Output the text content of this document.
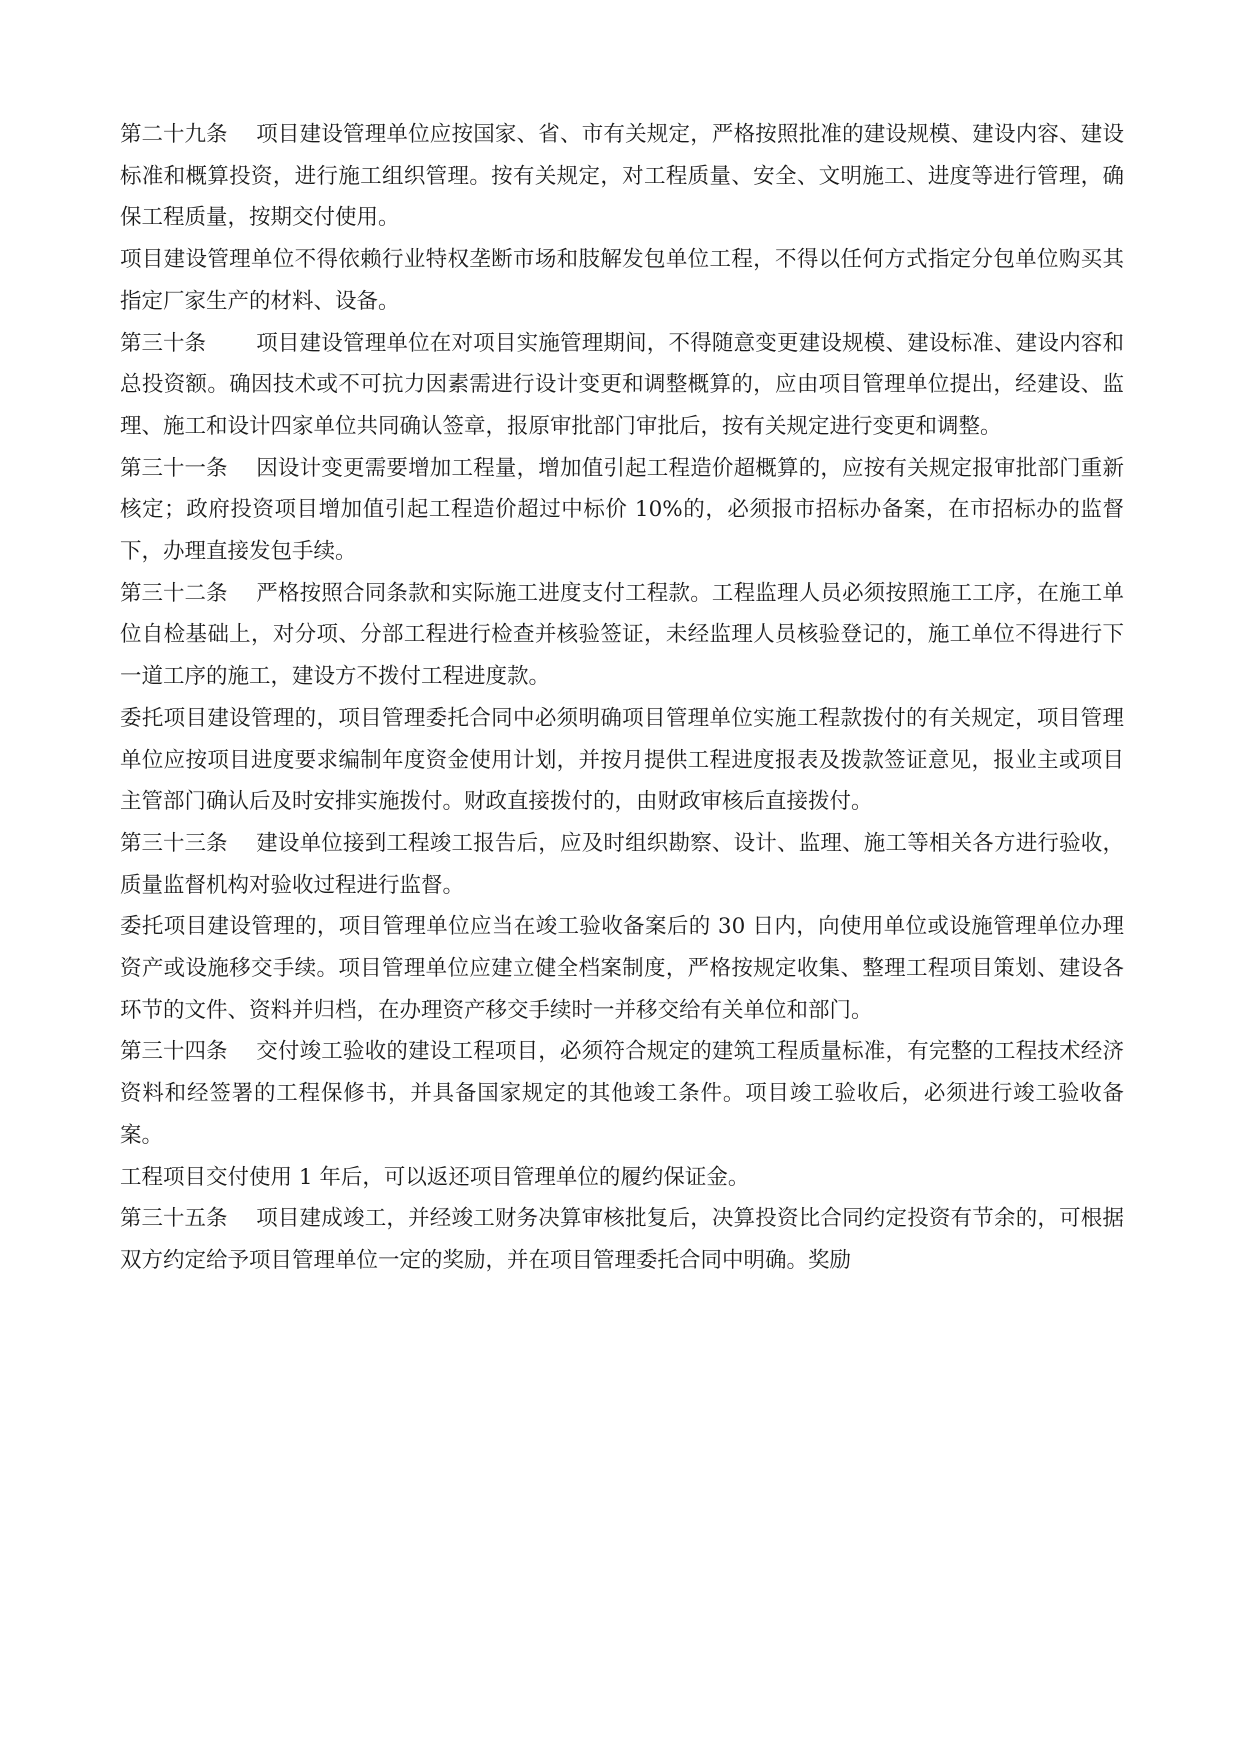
第二十九条 项目建设管理单位应按国家、省、市有关规定，严格按照批准的建设规模、建设内容、建设标准和概算投资，进行施工组织管理。按有关规定，对工程质量、安全、文明施工、进度等进行管理，确保工程质量，按期交付使用。

项目建设管理单位不得依赖行业特权垄断市场和肢解发包单位工程，不得以任何方式指定分包单位购买其指定厂家生产的材料、设备。

第三十条 项目建设管理单位在对项目实施管理期间，不得随意变更建设规模、建设标准、建设内容和总投资额。确因技术或不可抗力因素需进行设计变更和调整概算的，应由项目管理单位提出，经建设、监理、施工和设计四家单位共同确认签章，报原审批部门审批后，按有关规定进行变更和调整。

第三十一条 因设计变更需要增加工程量，增加值引起工程造价超概算的，应按有关规定报审批部门重新核定；政府投资项目增加值引起工程造价超过中标价 10%的，必须报市招标办备案，在市招标办的监督下，办理直接发包手续。

第三十二条 严格按照合同条款和实际施工进度支付工程款。工程监理人员必须按照施工工序，在施工单位自检基础上，对分项、分部工程进行检查并核验签证，未经监理人员核验登记的，施工单位不得进行下一道工序的施工，建设方不拨付工程进度款。

委托项目建设管理的，项目管理委托合同中必须明确项目管理单位实施工程款拨付的有关规定，项目管理单位应按项目进度要求编制年度资金使用计划，并按月提供工程进度报表及拨款签证意见，报业主或项目主管部门确认后及时安排实施拨付。财政直接拨付的，由财政审核后直接拨付。

第三十三条 建设单位接到工程竣工报告后，应及时组织勘察、设计、监理、施工等相关各方进行验收，质量监督机构对验收过程进行监督。

委托项目建设管理的，项目管理单位应当在竣工验收备案后的 30 日内，向使用单位或设施管理单位办理资产或设施移交手续。项目管理单位应建立健全档案制度，严格按规定收集、整理工程项目策划、建设各环节的文件、资料并归档，在办理资产移交手续时一并移交给有关单位和部门。

第三十四条 交付竣工验收的建设工程项目，必须符合规定的建筑工程质量标准，有完整的工程技术经济资料和经签署的工程保修书，并具备国家规定的其他竣工条件。项目竣工验收后，必须进行竣工验收备案。

工程项目交付使用 1 年后，可以返还项目管理单位的履约保证金。

第三十五条 项目建成竣工，并经竣工财务决算审核批复后，决算投资比合同约定投资有节余的，可根据双方约定给予项目管理单位一定的奖励，并在项目管理委托合同中明确。奖励
